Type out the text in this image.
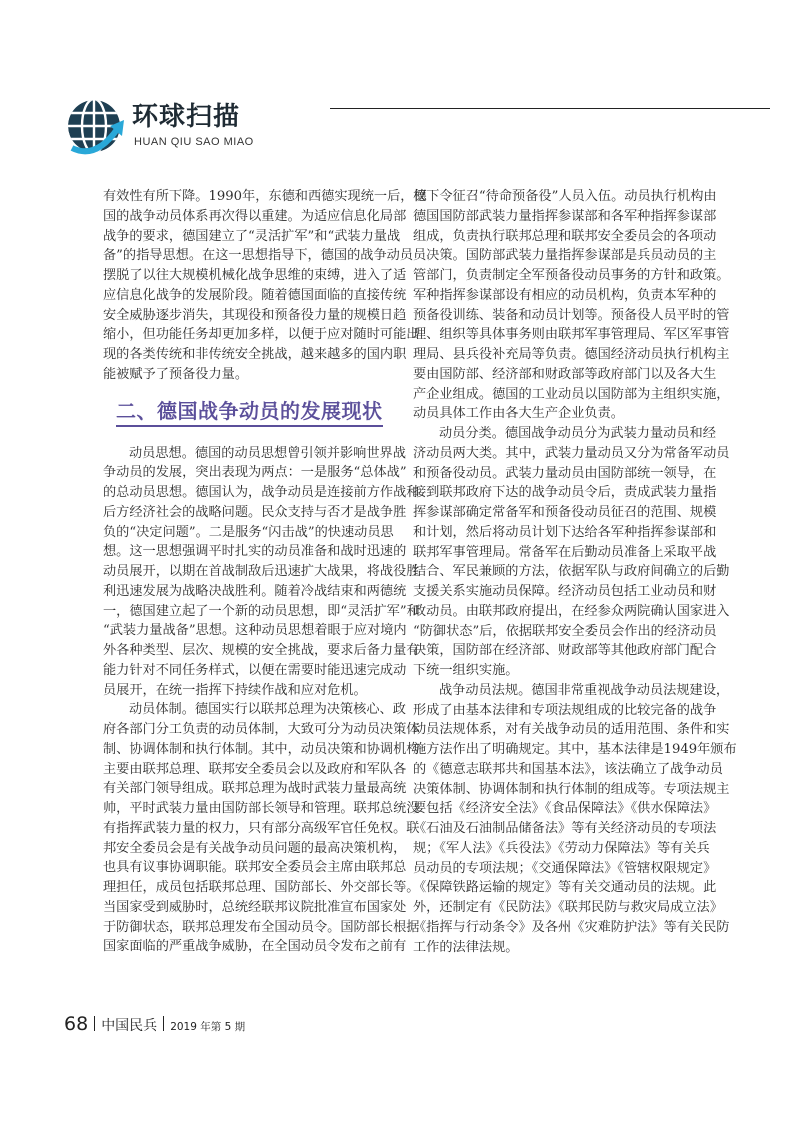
环球扫描
HUAN QIU SAO MIAO
有效性有所下降。1990年，东德和西德实现统一后，德
国的战争动员体系再次得以重建。为适应信息化局部
战争的要求，德国建立了“灵活扩军”和“武装力量战
备”的指导思想。在这一思想指导下，德国的战争动员
摆脱了以往大规模机械化战争思维的束缚，进入了适
应信息化战争的发展阶段。随着德国面临的直接传统
安全威胁逐步消失，其现役和预备役力量的规模日趋
缩小，但功能任务却更加多样，以便于应对随时可能出
现的各类传统和非传统安全挑战，越来越多的国内职
能被赋予了预备役力量。
二、德国战争动员的发展现状
动员思想。德国的动员思想曾引领并影响世界战
争动员的发展，突出表现为两点：一是服务“总体战”
的总动员思想。德国认为，战争动员是连接前方作战和
后方经济社会的战略问题。民众支持与否才是战争胜
负的“决定问题”。二是服务“闪击战”的快速动员思
想。这一思想强调平时扎实的动员准备和战时迅速的
动员展开，以期在首战制敌后迅速扩大战果，将战役胜
利迅速发展为战略决战胜利。随着冷战结束和两德统
一，德国建立起了一个新的动员思想，即“灵活扩军”和
“武装力量战备”思想。这种动员思想着眼于应对境内
外各种类型、层次、规模的安全挑战，要求后备力量有
能力针对不同任务样式，以便在需要时能迅速完成动
员展开，在统一指挥下持续作战和应对危机。
动员体制。德国实行以联邦总理为决策核心、政
府各部门分工负责的动员体制，大致可分为动员决策体
制、协调体制和执行体制。其中，动员决策和协调机构
主要由联邦总理、联邦安全委员会以及政府和军队各
有关部门领导组成。联邦总理为战时武装力量最高统
帅，平时武装力量由国防部长领导和管理。联邦总统没
有指挥武装力量的权力，只有部分高级军官任免权。联
邦安全委员会是有关战争动员问题的最高决策机构，
也具有议事协调职能。联邦安全委员会主席由联邦总
理担任，成员包括联邦总理、国防部长、外交部长等。
当国家受到威胁时，总统经联邦议院批准宣布国家处
于防御状态，联邦总理发布全国动员令。国防部长根据
国家面临的严重战争威胁，在全国动员令发布之前有
权下令征召“待命预备役”人员入伍。动员执行机构由
德国国防部武装力量指挥参谋部和各军种指挥参谋部
组成，负责执行联邦总理和联邦安全委员会的各项动
员决策。国防部武装力量指挥参谋部是兵员动员的主
管部门，负责制定全军预备役动员事务的方针和政策。
军种指挥参谋部设有相应的动员机构，负责本军种的
预备役训练、装备和动员计划等。预备役人员平时的管
理、组织等具体事务则由联邦军事管理局、军区军事管
理局、县兵役补充局等负责。德国经济动员执行机构主
要由国防部、经济部和财政部等政府部门以及各大生
产企业组成。德国的工业动员以国防部为主组织实施，
动员具体工作由各大生产企业负责。
动员分类。德国战争动员分为武装力量动员和经
济动员两大类。其中，武装力量动员又分为常备军动员
和预备役动员。武装力量动员由国防部统一领导，在
接到联邦政府下达的战争动员令后，责成武装力量指
挥参谋部确定常备军和预备役动员征召的范围、规模
和计划，然后将动员计划下达给各军种指挥参谋部和
联邦军事管理局。常备军在后勤动员准备上采取平战
结合、军民兼顾的方法，依据军队与政府间确立的后勤
支援关系实施动员保障。经济动员包括工业动员和财
政动员。由联邦政府提出，在经参众两院确认国家进入
“防御状态”后，依据联邦安全委员会作出的经济动员
决策，国防部在经济部、财政部等其他政府部门配合
下统一组织实施。
战争动员法规。德国非常重视战争动员法规建设，
形成了由基本法律和专项法规组成的比较完备的战争
动员法规体系，对有关战争动员的适用范围、条件和实
施方法作出了明确规定。其中，基本法律是1949年颁布
的《德意志联邦共和国基本法》，该法确立了战争动员
决策体制、协调体制和执行体制的组成等。专项法规主
要包括《经济安全法》《食品保障法》《供水保障法》
《石油及石油制品储备法》等有关经济动员的专项法
规；《军人法》《兵役法》《劳动力保障法》等有关兵
员动员的专项法规；《交通保障法》《管辖权限规定》
《保障铁路运输的规定》等有关交通动员的法规。此
外，还制定有《民防法》《联邦民防与救灾局成立法》
《指挥与行动条令》及各州《灾难防护法》等有关民防
工作的法律法规。
68 中国民兵 2019 年第 5 期
